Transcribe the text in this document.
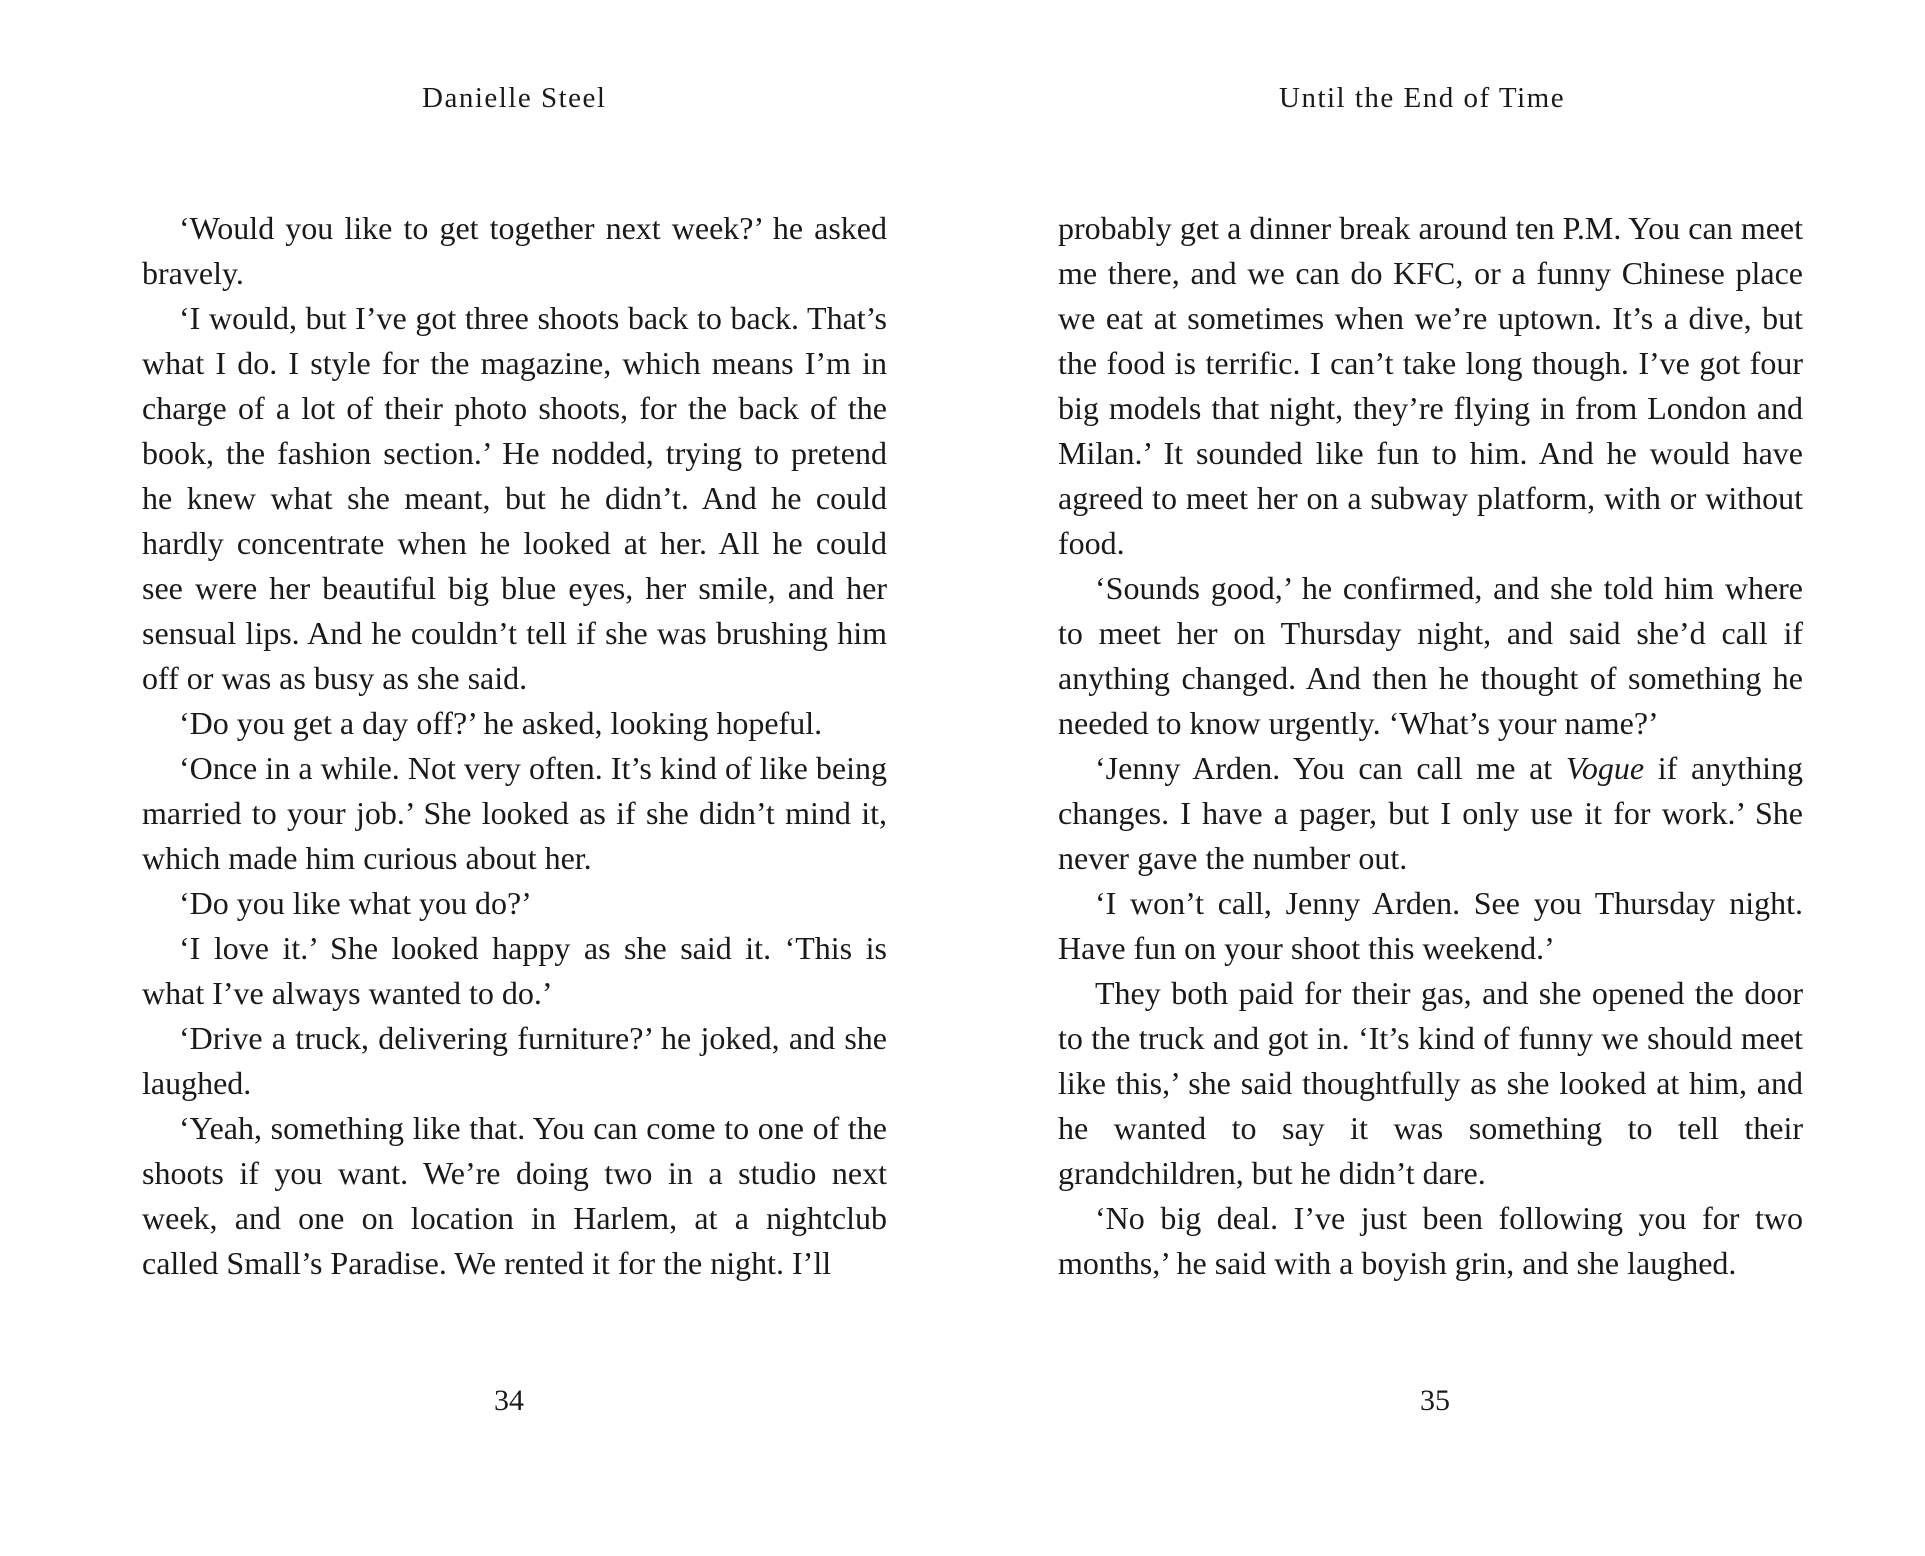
Danielle Steel

‘Would you like to get together next week?’ he asked bravely.

‘I would, but I’ve got three shoots back to back. That’s what I do. I style for the magazine, which means I’m in charge of a lot of their photo shoots, for the back of the book, the fashion section.’ He nodded, trying to pretend he knew what she meant, but he didn’t. And he could hardly concentrate when he looked at her. All he could see were her beautiful big blue eyes, her smile, and her sensual lips. And he couldn’t tell if she was brushing him off or was as busy as she said.

‘Do you get a day off?’ he asked, looking hopeful.

‘Once in a while. Not very often. It’s kind of like being married to your job.’ She looked as if she didn’t mind it, which made him curious about her.

‘Do you like what you do?’

‘I love it.’ She looked happy as she said it. ‘This is what I’ve always wanted to do.’

‘Drive a truck, delivering furniture?’ he joked, and she laughed.

‘Yeah, something like that. You can come to one of the shoots if you want. We’re doing two in a studio next week, and one on location in Harlem, at a nightclub called Small’s Paradise. We rented it for the night. I’ll

34
Until the End of Time

probably get a dinner break around ten P.M. You can meet me there, and we can do KFC, or a funny Chinese place we eat at sometimes when we’re uptown. It’s a dive, but the food is terrific. I can’t take long though. I’ve got four big models that night, they’re flying in from London and Milan.’ It sounded like fun to him. And he would have agreed to meet her on a subway platform, with or without food.

‘Sounds good,’ he confirmed, and she told him where to meet her on Thursday night, and said she’d call if anything changed. And then he thought of something he needed to know urgently. ‘What’s your name?’

‘Jenny Arden. You can call me at Vogue if anything changes. I have a pager, but I only use it for work.’ She never gave the number out.

‘I won’t call, Jenny Arden. See you Thursday night. Have fun on your shoot this weekend.’

They both paid for their gas, and she opened the door to the truck and got in. ‘It’s kind of funny we should meet like this,’ she said thoughtfully as she looked at him, and he wanted to say it was something to tell their grandchildren, but he didn’t dare.

‘No big deal. I’ve just been following you for two months,’ he said with a boyish grin, and she laughed.

35
